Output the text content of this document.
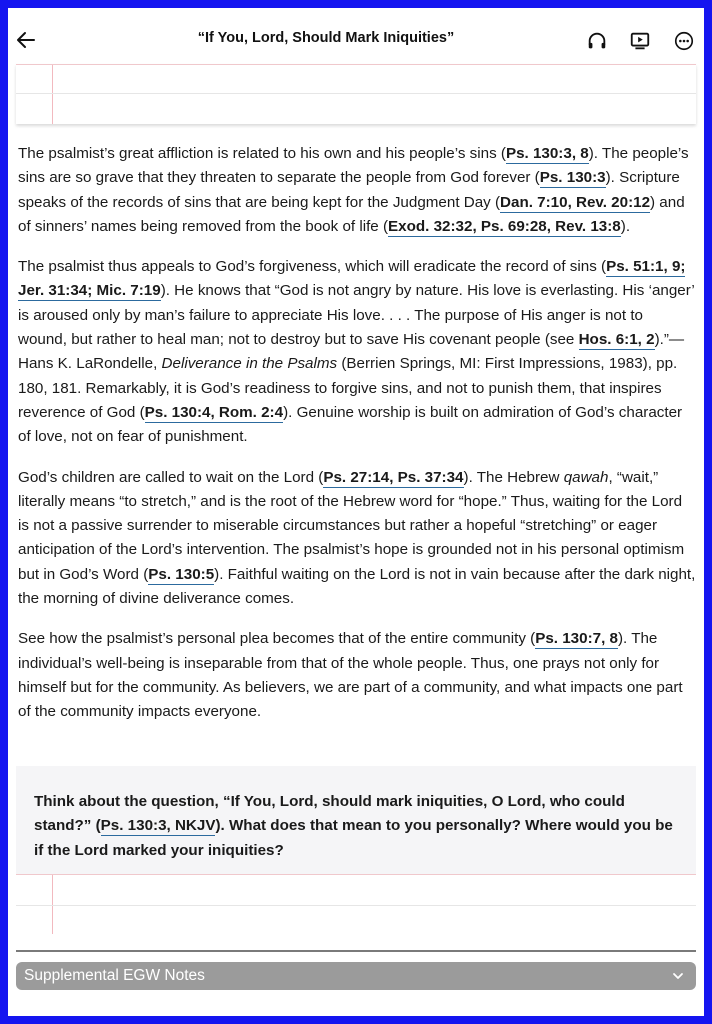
“If You, Lord, Should Mark Iniquities”

The psalmist’s great affliction is related to his own and his people’s sins (Ps. 130:3, 8). The people’s sins are so grave that they threaten to separate the people from God forever (Ps. 130:3). Scripture speaks of the records of sins that are being kept for the Judgment Day (Dan. 7:10, Rev. 20:12) and of sinners’ names being removed from the book of life (Exod. 32:32, Ps. 69:28, Rev. 13:8).

The psalmist thus appeals to God’s forgiveness, which will eradicate the record of sins (Ps. 51:1, 9; Jer. 31:34; Mic. 7:19). He knows that “God is not angry by nature. His love is everlasting. His ‘anger’ is aroused only by man’s failure to appreciate His love. . . . The purpose of His anger is not to wound, but rather to heal man; not to destroy but to save His covenant people (see Hos. 6:1, 2).”—Hans K. LaRondelle, Deliverance in the Psalms (Berrien Springs, MI: First Impressions, 1983), pp. 180, 181. Remarkably, it is God’s readiness to forgive sins, and not to punish them, that inspires reverence of God (Ps. 130:4, Rom. 2:4). Genuine worship is built on admiration of God’s character of love, not on fear of punishment.

God’s children are called to wait on the Lord (Ps. 27:14, Ps. 37:34). The Hebrew qawah, “wait,” literally means “to stretch,” and is the root of the Hebrew word for “hope.” Thus, waiting for the Lord is not a passive surrender to miserable circumstances but rather a hopeful “stretching” or eager anticipation of the Lord’s intervention. The psalmist’s hope is grounded not in his personal optimism but in God’s Word (Ps. 130:5). Faithful waiting on the Lord is not in vain because after the dark night, the morning of divine deliverance comes.

See how the psalmist’s personal plea becomes that of the entire community (Ps. 130:7, 8). The individual’s well-being is inseparable from that of the whole people. Thus, one prays not only for himself but for the community. As believers, we are part of a community, and what impacts one part of the community impacts everyone.

Think about the question, “If You, Lord, should mark iniquities, O Lord, who could stand?” (Ps. 130:3, NKJV). What does that mean to you personally? Where would you be if the Lord marked your iniquities?
Supplemental EGW Notes
